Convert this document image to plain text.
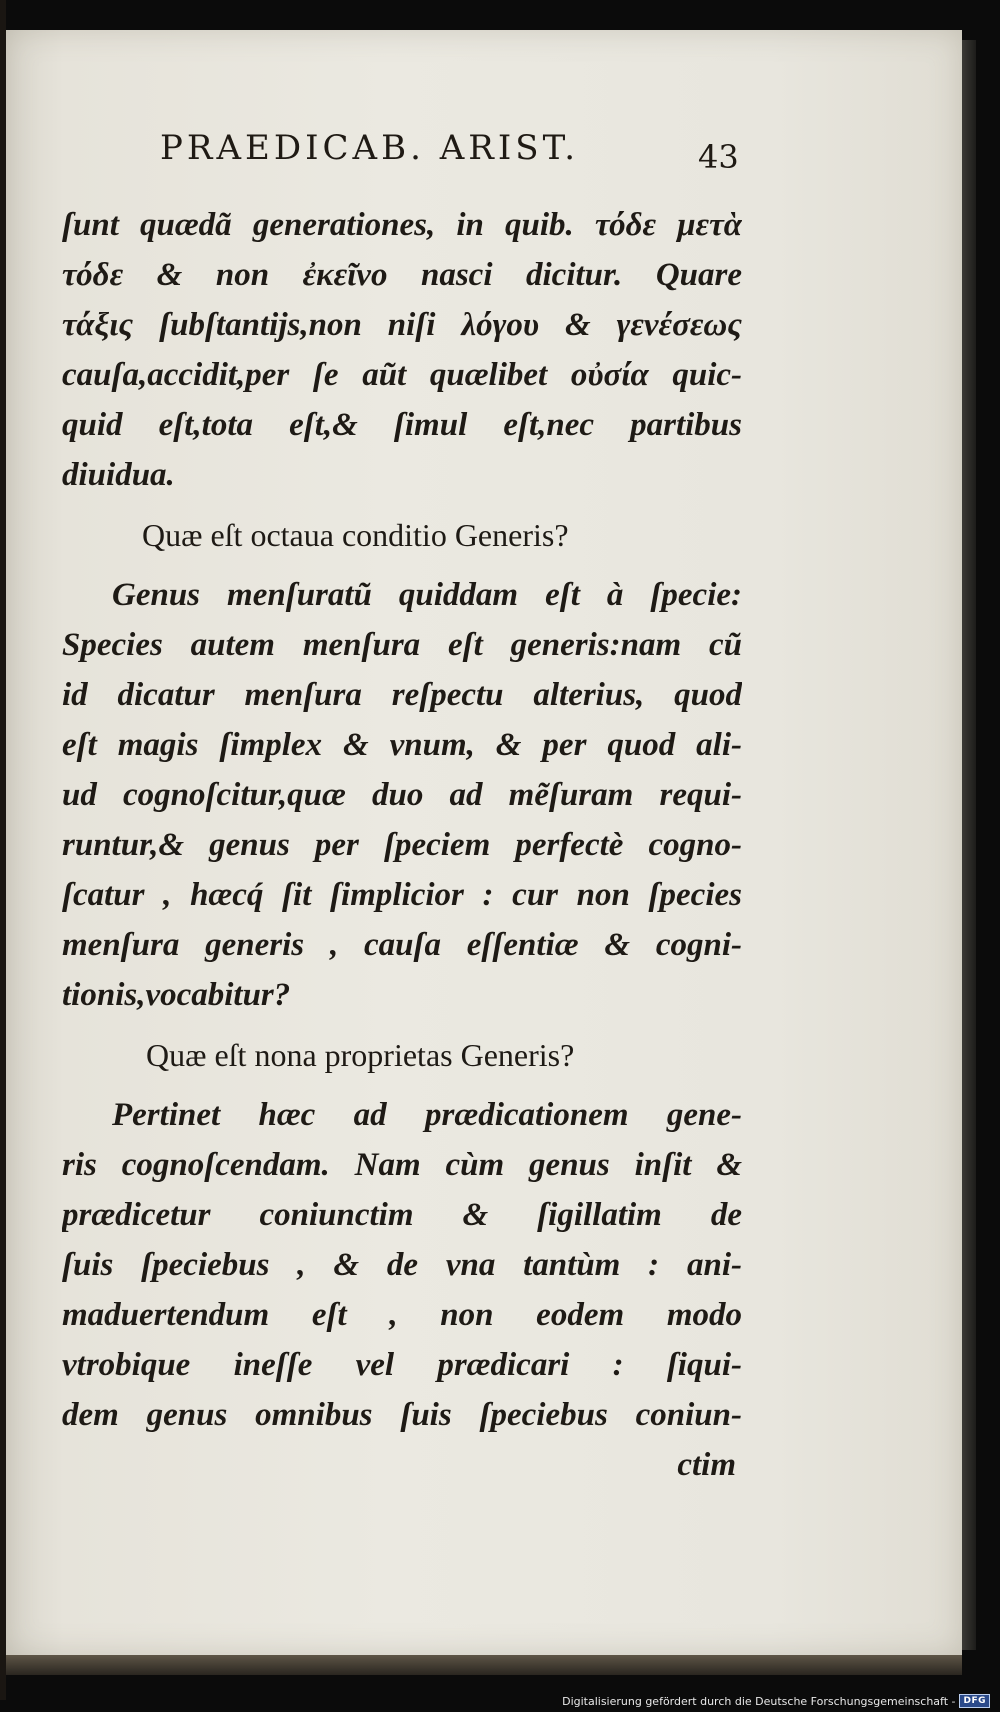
PRAEDICAB. ARIST.	43
ſunt quædã generationes, in quib. τόδε μετὰ
τόδε & non ἐκεῖνο nasci dicitur. Quare
τάξις ſubſtantijs,non niſi λόγου & γενέσεως
cauſa,accidit,per ſe aũt quælibet οὐσία quic-
quid eſt,tota eſt,& ſimul eſt,nec partibus
diuidua.
Quæ eſt octaua conditio Generis?
Genus menſuratũ quiddam eſt à ſpecie:
Species autem menſura eſt generis:nam cũ
id dicatur menſura reſpectu alterius, quod
eſt magis ſimplex & vnum, & per quod ali-
ud cognoſcitur,quæ duo ad mẽſuram requi-
runtur,& genus per ſpeciem perfectè cogno-
ſcatur , hæcq́ ſit ſimplicior : cur non ſpecies
menſura generis , cauſa eſſentiæ & cogni-
tionis,vocabitur?
Quæ eſt nona proprietas Generis?
Pertinet hæc ad prædicationem gene-
ris cognoſcendam. Nam cùm genus inſit &
prædicetur coniunctim & ſigillatim de
ſuis ſpeciebus , & de vna tantùm : ani-
maduertendum eſt , non eodem modo
vtrobique ineſſe vel prædicari : ſiqui-
dem genus omnibus ſuis ſpeciebus coniun-
ctim
Digitalisierung gefördert durch die Deutsche Forschungsgemeinschaft - DFG
